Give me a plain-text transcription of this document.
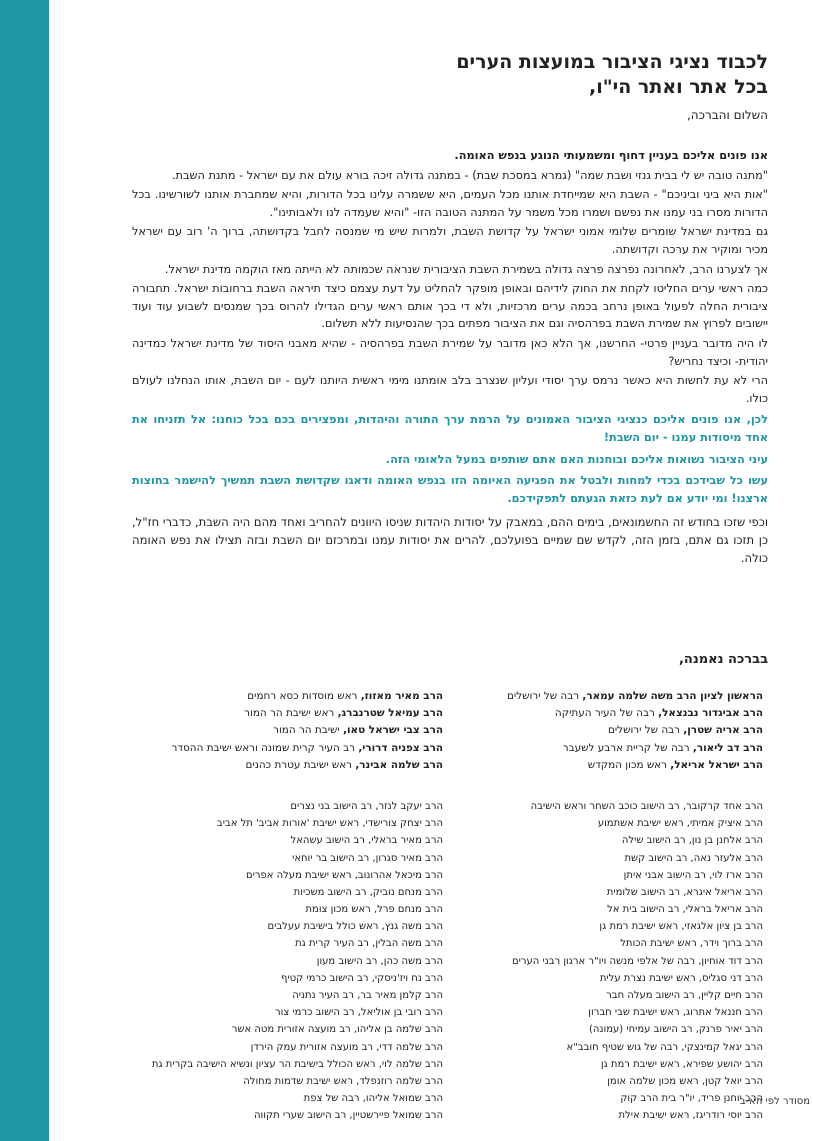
לכבוד נציגי הציבור במועצות הערים
בכל אתר ואתר הי"ו,
השלום והברכה,

אנו פונים אליכם בעניין דחוף ומשמעותי הנוגע בנפש האומה.

"מתנה טובה יש לי בבית גנזי ושבת שמה" (גמרא במסכת שבת) - במתנה גדולה זיכה בורא עולם את עם ישראל - מתנת השבת.

"אות היא ביני וביניכם" - השבת היא שמייחדת אותנו מכל העמים, היא ששמרה עלינו בכל הדורות, והיא שמחברת אותנו לשורשינו. בכל הדורות מסרו בני עמנו את נפשם ושמרו מכל משמר על המתנה הטובה הזו- "והיא שעמדה לנו ולאבותינו".

גם במדינת ישראל שומרים שלומי אמוני ישראל על קדושת השבת, ולמרות שיש מי שמנסה לחבל בקדושתה, ברוך ה' רוב עם ישראל מכיר ומוקיר את ערכה וקדושתה.

אך לצערנו הרב, לאחרונה נפרצה פרצה גדולה בשמירת השבת הציבורית שנראה שכמותה לא הייתה מאז הוקמה מדינת ישראל.

כמה ראשי ערים החליטו לקחת את החוק לידיהם ובאופן מופקר להחליט על דעת עצמם כיצד תיראה השבת ברחובות ישראל. תחבורה ציבורית החלה לפעול באופן נרחב בכמה ערים מרכזיות, ולא די בכך אותם ראשי ערים הגדילו להרוס בכך שמנסים לשבוע עוד ועוד יישובים לפרוץ את שמירת השבת בפרהסיה וגם את הציבור מפתים בכך שהנסיעות ללא תשלום.

לו היה מדובר בעניין פרטי- החרשנו, אך הלא כאן מדובר על שמירת השבת בפרהסיה - שהיא מאבני היסוד של מדינת ישראל כמדינה יהודית- וכיצד נחריש?

הרי לא עת לחשות היא כאשר נרמס ערך יסודי ועליון שנצרב בלב אומתנו מימי ראשית היותנו לעם - יום השבת, אותו הנחלנו לעולם כולו.

לכן, אנו פונים אליכם כנציגי הציבור האמונים על הרמת ערך התורה והיהדות, ומפצירים בכם בכל כוחנו: אל תזניחו את אחד מיסודות עמנו - יום השבת!

עיני הציבור נשואות אליכם ובוחנות האם אתם שותפים במעל הלאומי הזה.

עשו כל שבידכם בכדי למחות ולבטל את הפגיעה האיומה הזו בנפש האומה ודאגו שקדושת השבת תמשיך להישמר בחוצות ארצנו! ומי יודע אם לעת כזאת הגעתם לתפקידכם.

וכפי שזכו בחודש זה החשמונאים, בימים ההם, במאבק על יסודות היהדות שניסו היוונים להחריב ואחד מהם היה השבת, כדברי חז"ל, כן תזכו גם אתם, בזמן הזה, לקדש שם שמיים בפועלכם, להרים את יסודות עמנו ובמרכזם יום השבת ובזה תצילו את נפש האומה כולה.

בברכה נאמנה,
הראשון לציון הרב משה שלמה עמאר, רבה של ירושלים
הרב אביגדור נבנצאל, רבה של העיר העתיקה
הרב אריה שטרן, רבה של ירושלים
הרב דב ליאור, רבה של קריית ארבע לשעבר
הרב ישראל אריאל, ראש מכון המקדש
הרב אחד קרקובר, רב הישוב כוכב השחר וראש הישיבה
הרב איציק אמיתי, ראש ישיבת אשתמוע
הרב אלחנן בן נון, רב הישוב שילה
הרב אלעזר נאה, רב הישוב קשת
הרב ארז לוי, רב הישוב אבני איתן
הרב אריאל איגרא, רב הישוב שלומית
הרב אריאל בראלי, רב הישוב בית אל
הרב בן ציון אלגאזי, ראש ישיבת רמת גן
הרב ברוך וידר, ראש ישיבת הכותל
הרב דוד אוחיון, רבה של אלפי מנשה ויו"ר ארגון רבני הערים
הרב דני סגליס, ראש ישיבת נצרת עלית
הרב חיים קליין, רב הישוב מעלה חבר
הרב חננאל אתרוג, ראש ישיבת שבי חברון
הרב יאיר פרנק, רב הישוב עמיחי (עמונה)
הרב יגאל קמינצקי, רבה של גוש שטיף חובב"א
הרב יהושע שפירא, ראש ישיבת רמת גן
הרב יואל קטן, ראש מכון שלמה אומן
הרב יוחנן פריד, יו"ר בית הרב קוק
הרב יוסי רודריגז, ראש ישיבת אילת
הרב מאיר מאזוז, ראש מוסדות כסא רחמים
הרב עמיאל שטרנברג, ראש ישיבת הר המור
הרב צבי ישראל טאו, ישיבת הר המור
הרב צפניה דרורי, רב העיר קרית שמונה וראש ישיבת ההסדר
הרב שלמה אבינר, ראש ישיבת עטרת כהנים
הרב יעקב לנזר, רב הישוב בני נצרים
הרב יצחק צורישדי, ראש ישיבת 'אורות אביב' תל אביב
הרב מאיר בראלי, רב הישוב עשהאל
הרב מאיר סגרון, רב הישוב בר יוחאי
הרב מיכאל אהרונוב, ראש ישיבת מעלה אפרים
הרב מנחם נוביק, רב הישוב משכיות
הרב מנחם פרל, ראש מכון צומת
הרב משה גנץ, ראש כולל בישיבת עעלבים
הרב משה הבלין, רב העיר קרית גת
הרב משה כהן, רב הישוב מעון
הרב נח ויז'ניסקי, רב הישוב כרמי קטיף
הרב קלמן מאיר בר, רב העיר נתניה
הרב רובי בן אוליאל, רב הישוב כרמי צור
הרב שלמה בן אליהו, רב מועצה אזורית מטה אשר
הרב שלמה דדי, רב מועצה אזורית עמק הירדן
הרב שלמה לוי, ראש הכולל בישיבת הר עציון ונשיא הישיבה בקרית גת
הרב שלמה רוזנפלד, ראש ישיבת שדמות מחולה
הרב שמואל אליהו, רבה של צפת
הרב שמואל פיירשטיין, רב הישוב שערי תקווה
מסודר לפי הא-ב
